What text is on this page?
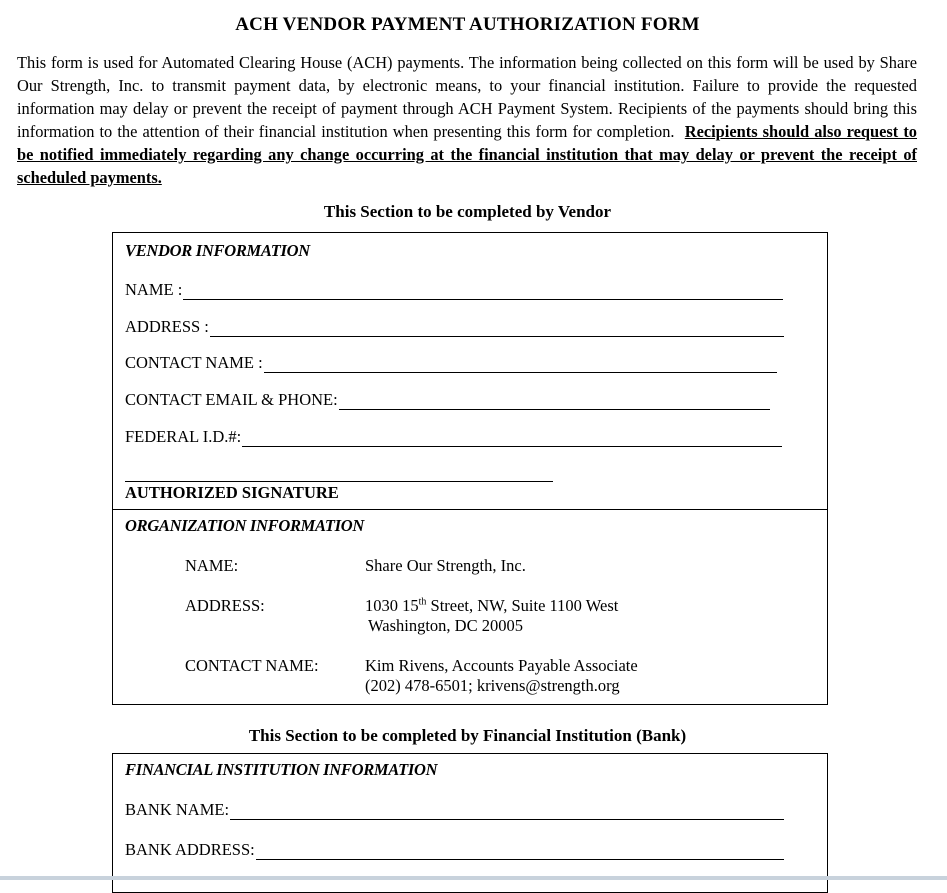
ACH VENDOR PAYMENT AUTHORIZATION FORM
This form is used for Automated Clearing House (ACH) payments. The information being collected on this form will be used by Share Our Strength, Inc. to transmit payment data, by electronic means, to your financial institution. Failure to provide the requested information may delay or prevent the receipt of payment through ACH Payment System. Recipients of the payments should bring this information to the attention of their financial institution when presenting this form for completion. Recipients should also request to be notified immediately regarding any change occurring at the financial institution that may delay or prevent the receipt of scheduled payments.
This Section to be completed by Vendor
VENDOR INFORMATION
NAME :
ADDRESS :
CONTACT NAME :
CONTACT EMAIL & PHONE:
FEDERAL I.D.#:
AUTHORIZED SIGNATURE
ORGANIZATION INFORMATION
NAME:	Share Our Strength, Inc.
ADDRESS:	1030 15th Street, NW, Suite 1100 West
Washington, DC 20005
CONTACT NAME:	Kim Rivens, Accounts Payable Associate
(202) 478-6501; krivens@strength.org
This Section to be completed by Financial Institution (Bank)
FINANCIAL INSTITUTION INFORMATION
BANK NAME:
BANK ADDRESS:
